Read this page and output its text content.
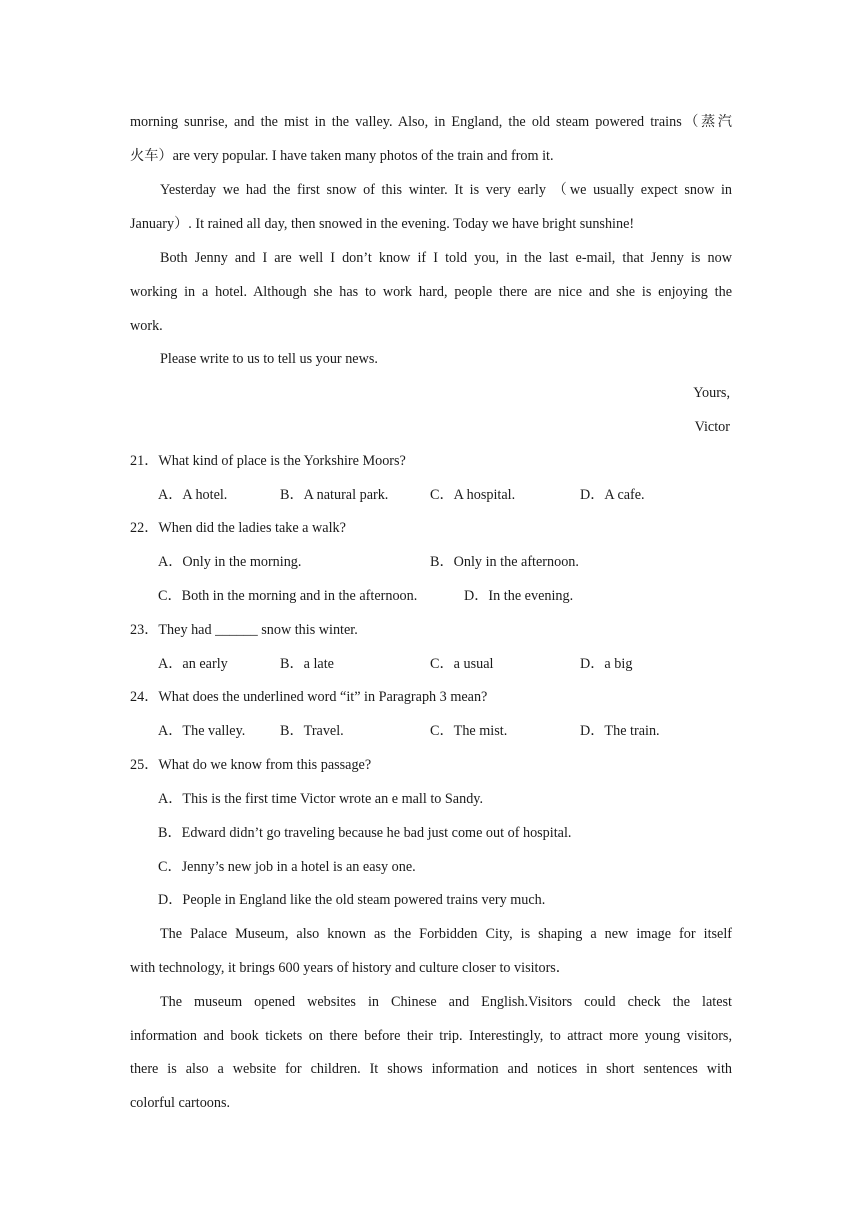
morning sunrise, and the mist in the valley. Also, in England, the old steam powered trains（蒸汽
火车）are very popular. I have taken many photos of the train and from it.
Yesterday we had the first snow of this winter. It is very early （we usually expect snow in
January）. It rained all day, then snowed in the evening. Today we have bright sunshine!
Both Jenny and I are well I don’t know if I told you, in the last e-mail, that Jenny is now
working in a hotel. Although she has to work hard, people there are nice and she is enjoying the
work.
Please write to us to tell us your news.
Yours,
Victor
21．What kind of place is the Yorkshire Moors?
A．A hotel.	B．A natural park.	C．A hospital.	D．A cafe.
22．When did the ladies take a walk?
A．Only in the morning.	B．Only in the afternoon.
C．Both in the morning and in the afternoon.	D．In the evening.
23．They had ______ snow this winter.
A．an early	B．a late	C．a usual	D．a big
24．What does the underlined word “it” in Paragraph 3 mean?
A．The valley. B．Travel.	C．The mist.	D．The train.
25．What do we know from this passage?
A．This is the first time Victor wrote an e mall to Sandy.
B．Edward didn’t go traveling because he bad just come out of hospital.
C．Jenny’s new job in a hotel is an easy one.
D．People in England like the old steam powered trains very much.
The Palace Museum, also known as the Forbidden City, is shaping a new image for itself
with technology, it brings 600 years of history and culture closer to visitors．
The museum opened websites in Chinese and English.Visitors could check the latest
information and book tickets on there before their trip. Interestingly, to attract more young visitors,
there is also a website for children. It shows information and notices in short sentences with
colorful cartoons.
